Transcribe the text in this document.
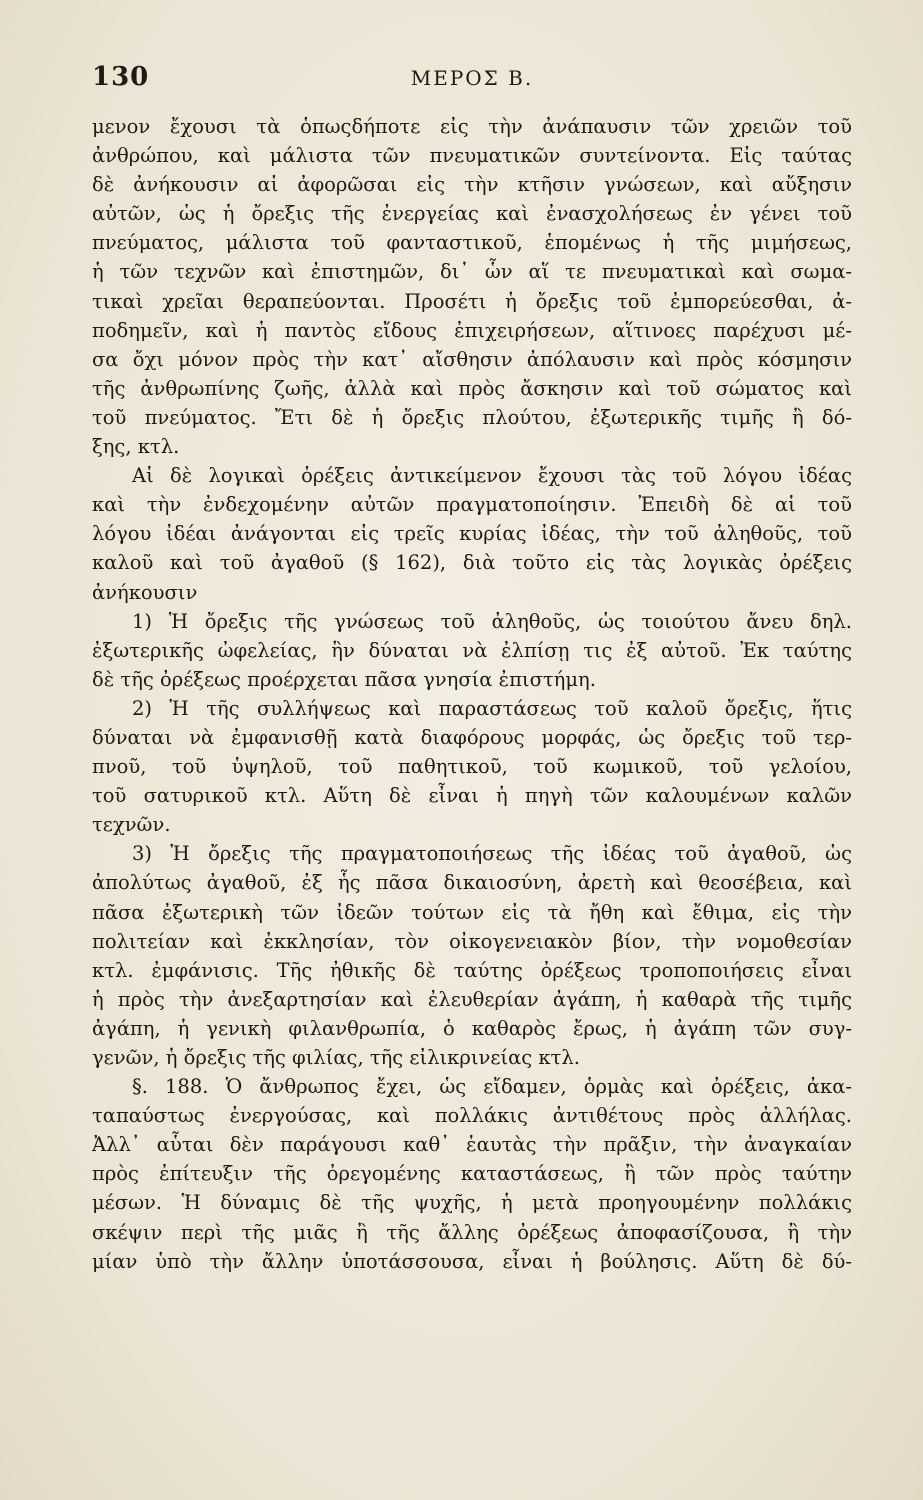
130	ΜΕΡΟΣ Β.
μενον ἔχουσι τὰ ὁπωςδήποτε εἰς τὴν ἀνάπαυσιν τῶν χρειῶν τοῦ
ἀνθρώπου, καὶ μάλιστα τῶν πνευματικῶν συντείνοντα. Εἰς ταύτας
δὲ ἀνήκουσιν αἱ ἀφορῶσαι εἰς τὴν κτῆσιν γνώσεων, καὶ αὔξησιν
αὐτῶν, ὡς ἡ ὄρεξις τῆς ἐνεργείας καὶ ἐνασχολήσεως ἐν γένει τοῦ
πνεύματος, μάλιστα τοῦ φανταστικοῦ, ἑπομένως ἡ τῆς μιμήσεως,
ἡ τῶν τεχνῶν καὶ ἐπιστημῶν, δι᾽ ὧν αἵ τε πνευματικαὶ καὶ σωμα-
τικαὶ χρεῖαι θεραπεύονται. Προσέτι ἡ ὄρεξις τοῦ ἐμπορεύεσθαι, ἀ-
ποδημεῖν, καὶ ἡ παντὸς εἴδους ἐπιχειρήσεων, αἵτινοες παρέχυσι μέ-
σα ὄχι μόνον πρὸς τὴν κατ᾽ αἴσθησιν ἀπόλαυσιν καὶ πρὸς κόσμησιν
τῆς ἀνθρωπίνης ζωῆς, ἀλλὰ καὶ πρὸς ἄσκησιν καὶ τοῦ σώματος καὶ
τοῦ πνεύματος. Ἔτι δὲ ἡ ὄρεξις πλούτου, ἐξωτερικῆς τιμῆς ἢ δό-
ξης, κτλ.
Αἱ δὲ λογικαὶ ὀρέξεις ἀντικείμενον ἔχουσι τὰς τοῦ λόγου ἰδέας
καὶ τὴν ἐνδεχομένην αὐτῶν πραγματοποίησιν. Ἐπειδὴ δὲ αἱ τοῦ
λόγου ἰδέαι ἀνάγονται εἰς τρεῖς κυρίας ἰδέας, τὴν τοῦ ἀληθοῦς, τοῦ
καλοῦ καὶ τοῦ ἀγαθοῦ (§ 162), διὰ τοῦτο εἰς τὰς λογικὰς ὀρέξεις
ἀνήκουσιν
1) Ἡ ὄρεξις τῆς γνώσεως τοῦ ἀληθοῦς, ὡς τοιούτου ἄνευ δηλ.
ἐξωτερικῆς ὠφελείας, ἣν δύναται νὰ ἐλπίσῃ τις ἐξ αὐτοῦ. Ἐκ ταύτης
δὲ τῆς ὀρέξεως προέρχεται πᾶσα γνησία ἐπιστήμη.
2) Ἡ τῆς συλλήψεως καὶ παραστάσεως τοῦ καλοῦ ὄρεξις, ἥτις
δύναται νὰ ἐμφανισθῇ κατὰ διαφόρους μορφάς, ὡς ὄρεξις τοῦ τερ-
πνοῦ, τοῦ ὑψηλοῦ, τοῦ παθητικοῦ, τοῦ κωμικοῦ, τοῦ γελοίου,
τοῦ σατυρικοῦ κτλ. Αὕτη δὲ εἶναι ἡ πηγὴ τῶν καλουμένων καλῶν
τεχνῶν.
3) Ἡ ὄρεξις τῆς πραγματοποιήσεως τῆς ἰδέας τοῦ ἀγαθοῦ, ὡς
ἀπολύτως ἀγαθοῦ, ἐξ ἧς πᾶσα δικαιοσύνη, ἀρετὴ καὶ θεοσέβεια, καὶ
πᾶσα ἐξωτερικὴ τῶν ἰδεῶν τούτων εἰς τὰ ἤθη καὶ ἔθιμα, εἰς τὴν
πολιτείαν καὶ ἐκκλησίαν, τὸν οἰκογενειακὸν βίον, τὴν νομοθεσίαν
κτλ. ἐμφάνισις. Τῆς ἠθικῆς δὲ ταύτης ὀρέξεως τροποποιήσεις εἶναι
ἡ πρὸς τὴν ἀνεξαρτησίαν καὶ ἐλευθερίαν ἀγάπη, ἡ καθαρὰ τῆς τιμῆς
ἀγάπη, ἡ γενικὴ φιλανθρωπία, ὁ καθαρὸς ἔρως, ἡ ἀγάπη τῶν συγ-
γενῶν, ἡ ὄρεξις τῆς φιλίας, τῆς εἰλικρινείας κτλ.
§. 188. Ὁ ἄνθρωπος ἔχει, ὡς εἴδαμεν, ὁρμὰς καὶ ὀρέξεις, ἀκα-
ταπαύστως ἐνεργούσας, καὶ πολλάκις ἀντιθέτους πρὸς ἀλλήλας.
Ἀλλ᾽ αὗται δὲν παράγουσι καθ᾽ ἑαυτὰς τὴν πρᾶξιν, τὴν ἀναγκαίαν
πρὸς ἐπίτευξιν τῆς ὀρεγομένης καταστάσεως, ἢ τῶν πρὸς ταύτην
μέσων. Ἡ δύναμις δὲ τῆς ψυχῆς, ἡ μετὰ προηγουμένην πολλάκις
σκέψιν περὶ τῆς μιᾶς ἢ τῆς ἄλλης ὀρέξεως ἀποφασίζουσα, ἢ τὴν
μίαν ὑπὸ τὴν ἄλλην ὑποτάσσουσα, εἶναι ἡ βούλησις. Αὕτη δὲ δύ-
